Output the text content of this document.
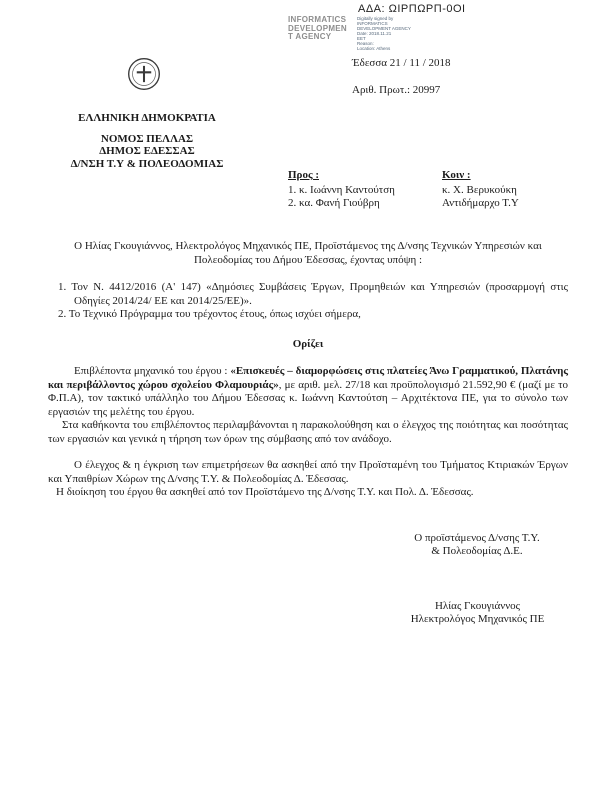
ΑΔΑ: ΩΙΡΠΩΡΠ-0ΟΙ
INFORMATICS
DEVELOPMEN
T AGENCY
Digitally signed by
INFORMATICS
DEVELOPMENT AGENCY
Date: 2018.11.21
EET
Reason:
Location: Athens
Έδεσσα 21 / 11 / 2018
Αριθ. Πρωτ.: 20997
ΕΛΛΗΝΙΚΗ ΔΗΜΟΚΡΑΤΙΑ
ΝΟΜΟΣ ΠΕΛΛΑΣ
ΔΗΜΟΣ ΕΔΕΣΣΑΣ
Δ/ΝΣΗ Τ.Υ & ΠΟΛΕΟΔΟΜΙΑΣ
Προς :
1. κ. Ιωάννη Καντούτση
2. κα. Φανή Γιούβρη
Κοιν :
κ. Χ. Βερυκούκη
Αντιδήμαρχο Τ.Υ

Ο Ηλίας Γκουγιάννος, Ηλεκτρολόγος Μηχανικός ΠΕ, Προϊστάμενος της Δ/νσης Τεχνικών Υπηρεσιών και Πολεοδομίας του Δήμου Έδεσσας, έχοντας υπόψη :

1. Τον Ν. 4412/2016 (Α' 147) «Δημόσιες Συμβάσεις Έργων, Προμηθειών και Υπηρεσιών (προσαρμογή στις Οδηγίες 2014/24/ ΕΕ και 2014/25/ΕΕ)».
2. Το Τεχνικό Πρόγραμμα του τρέχοντος έτους, όπως ισχύει σήμερα,

Ορίζει

Επιβλέποντα μηχανικό του έργου : «Επισκευές – διαμορφώσεις στις πλατείες Άνω Γραμματικού, Πλατάνης και περιβάλλοντος χώρου σχολείου Φλαμουριάς», με αριθ. μελ. 27/18 και προϋπολογισμό 21.592,90 € (μαζί με το Φ.Π.Α), τον τακτικό υπάλληλο του Δήμου Έδεσσας κ. Ιωάννη Καντούτση – Αρχιτέκτονα ΠΕ, για το σύνολο των εργασιών της μελέτης του έργου.

Στα καθήκοντα του επιβλέποντος περιλαμβάνονται η παρακολούθηση και ο έλεγχος της ποιότητας και ποσότητας των εργασιών και γενικά η τήρηση των όρων της σύμβασης από τον ανάδοχο.

Ο έλεγχος & η έγκριση των επιμετρήσεων θα ασκηθεί από την Προϊσταμένη του Τμήματος Κτιριακών Έργων και Υπαιθρίων Χώρων της Δ/νσης Τ.Υ. & Πολεοδομίας Δ. Έδεσσας.

Η διοίκηση του έργου θα ασκηθεί από τον Προϊστάμενο της Δ/νσης Τ.Υ. και Πολ. Δ. Έδεσσας.

Ο προϊστάμενος Δ/νσης Τ.Υ.
& Πολεοδομίας Δ.Ε.
Ηλίας Γκουγιάννος
Ηλεκτρολόγος Μηχανικός ΠΕ
